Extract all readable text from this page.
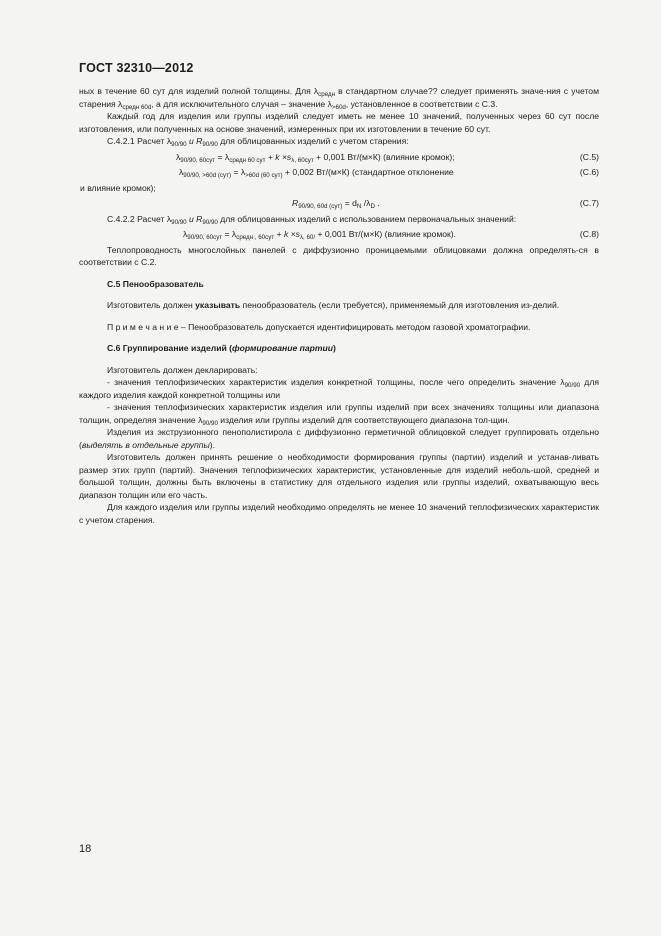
ГОСТ 32310—2012

ных в течение 60 сут для изделий полной толщины. Для $\lambda_{средн}$ в стандартном случае?? следует применять значе-ния с учетом старения $\lambda_{средн 60d}$, а для исключительного случая – значение $\lambda_{>60d}$, установленное в соответствии с С.3.

Каждый год для изделия или группы изделий следует иметь не менее 10 значений, полученных через 60 сут после изготовления, или полученных на основе значений, измеренных при их изготовлении в течение 60 сут.

С.4.2.1 Расчет $\lambda_{90/90}$ и $R_{90/90}$ для облицованных изделий с учетом старения:

$\lambda_{90/90, 60сут} = \lambda_{средн 60 сут} + k \times s_{\lambda, 60сут} + 0,001$ Вт/(м×К) (влияние кромок);	(С.5)
$\lambda_{90/90, >60d (сут)} = \lambda_{>60d (60 сут)} + 0,002$ Вт/(м×К) (стандартное отклонение	(С.6)

и влияние кромок);

$R_{90/90, 60d (сут)} = d_N$ $/\lambda_D$ .	(С.7)

С.4.2.2 Расчет $\lambda_{90/90}$ и $R_{90/90}$ для облицованных изделий с использованием первоначальных значений:

$\lambda_{90/90, 60сут} = \lambda_{средн , 60сут} + k \times s_{\lambda, 60/} + 0,001$ Вт/(м×К) (влияние кромок).	(С.8)

Теплопроводность многослойных панелей с диффузионно проницаемыми облицовками должна определять-ся в соответствии с С.2.

С.5 Пенообразователь

Изготовитель должен указывать пенообразователь (если требуется), применяемый для изготовления из-делий.

П р и м е ч а н и е – Пенообразователь допускается идентифицировать методом газовой хроматографии.

С.6 Группирование изделий (формирование партии)

Изготовитель должен декларировать:

- значения теплофизических характеристик изделия конкретной толщины, после чего определить значение $\lambda_{90/90}$ для каждого изделия каждой конкретной толщины или

- значения теплофизических характеристик изделия или группы изделий при всех значениях толщины или диапазона толщин, определяя значение $\lambda_{90/90}$ изделия или группы изделий для соответствующего диапазона тол-щин.

Изделия из экструзионного пенополистирола с диффузионно герметичной облицовкой следует группировать отдельно (выделять в отдельные группы).

Изготовитель должен принять решение о необходимости формирования группы (партии) изделий и устанав-ливать размер этих групп (партий). Значения теплофизических характеристик, установленные для изделий неболь-шой, средней и большой толщин, должны быть включены в статистику для отдельного изделия или группы изделий, охватывающую весь диапазон толщин или его часть.

Для каждого изделия или группы изделий необходимо определять не менее 10 значений теплофизических характеристик с учетом старения.

18
